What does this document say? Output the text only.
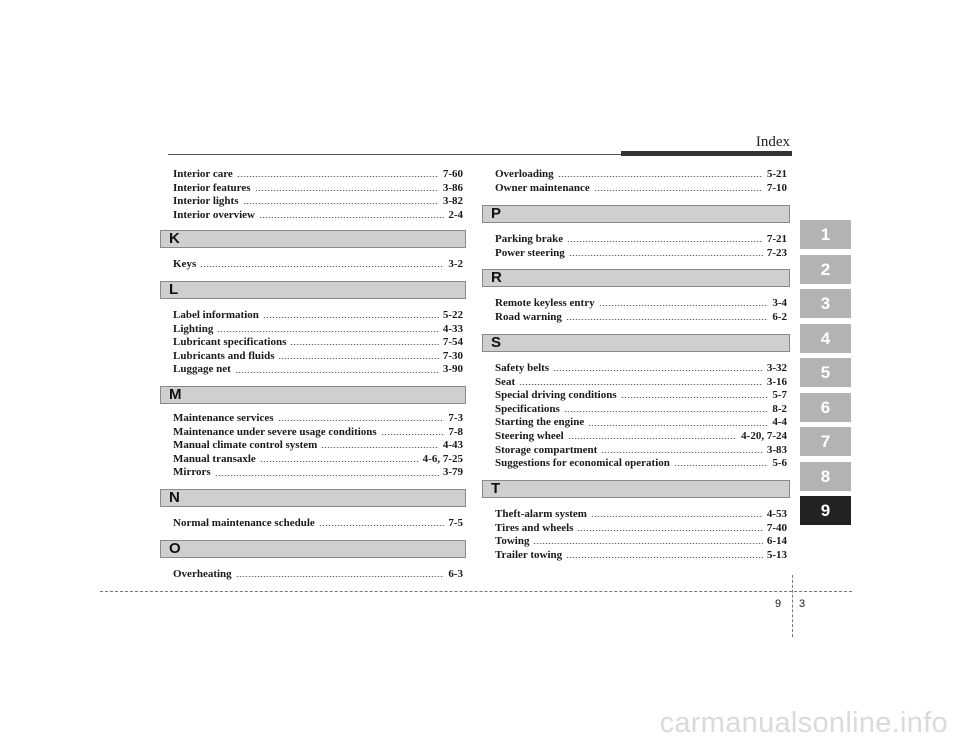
Index
Interior care	7-60
Interior features	3-86
Interior lights	3-82
Interior overview	2-4
K
Keys	3-2
L
Label information	5-22
Lighting	4-33
Lubricant specifications	7-54
Lubricants and fluids	7-30
Luggage net	3-90
M
Maintenance services	7-3
Maintenance under severe usage conditions	7-8
Manual climate control system	4-43
Manual transaxle	4-6, 7-25
Mirrors	3-79
N
Normal maintenance schedule	7-5
O
Overheating	6-3
Overloading	5-21
Owner maintenance	7-10
P
Parking brake	7-21
Power steering	7-23
R
Remote keyless entry	3-4
Road warning	6-2
S
Safety belts	3-32
Seat	3-16
Special driving conditions	5-7
Specifications	8-2
Starting the engine	4-4
Steering wheel	4-20, 7-24
Storage compartment	3-83
Suggestions for economical operation	5-6
T
Theft-alarm system	4-53
Tires and wheels	7-40
Towing	6-14
Trailer towing	5-13
1
2
3
4
5
6
7
8
9
9 3
carmanualsonline.info
